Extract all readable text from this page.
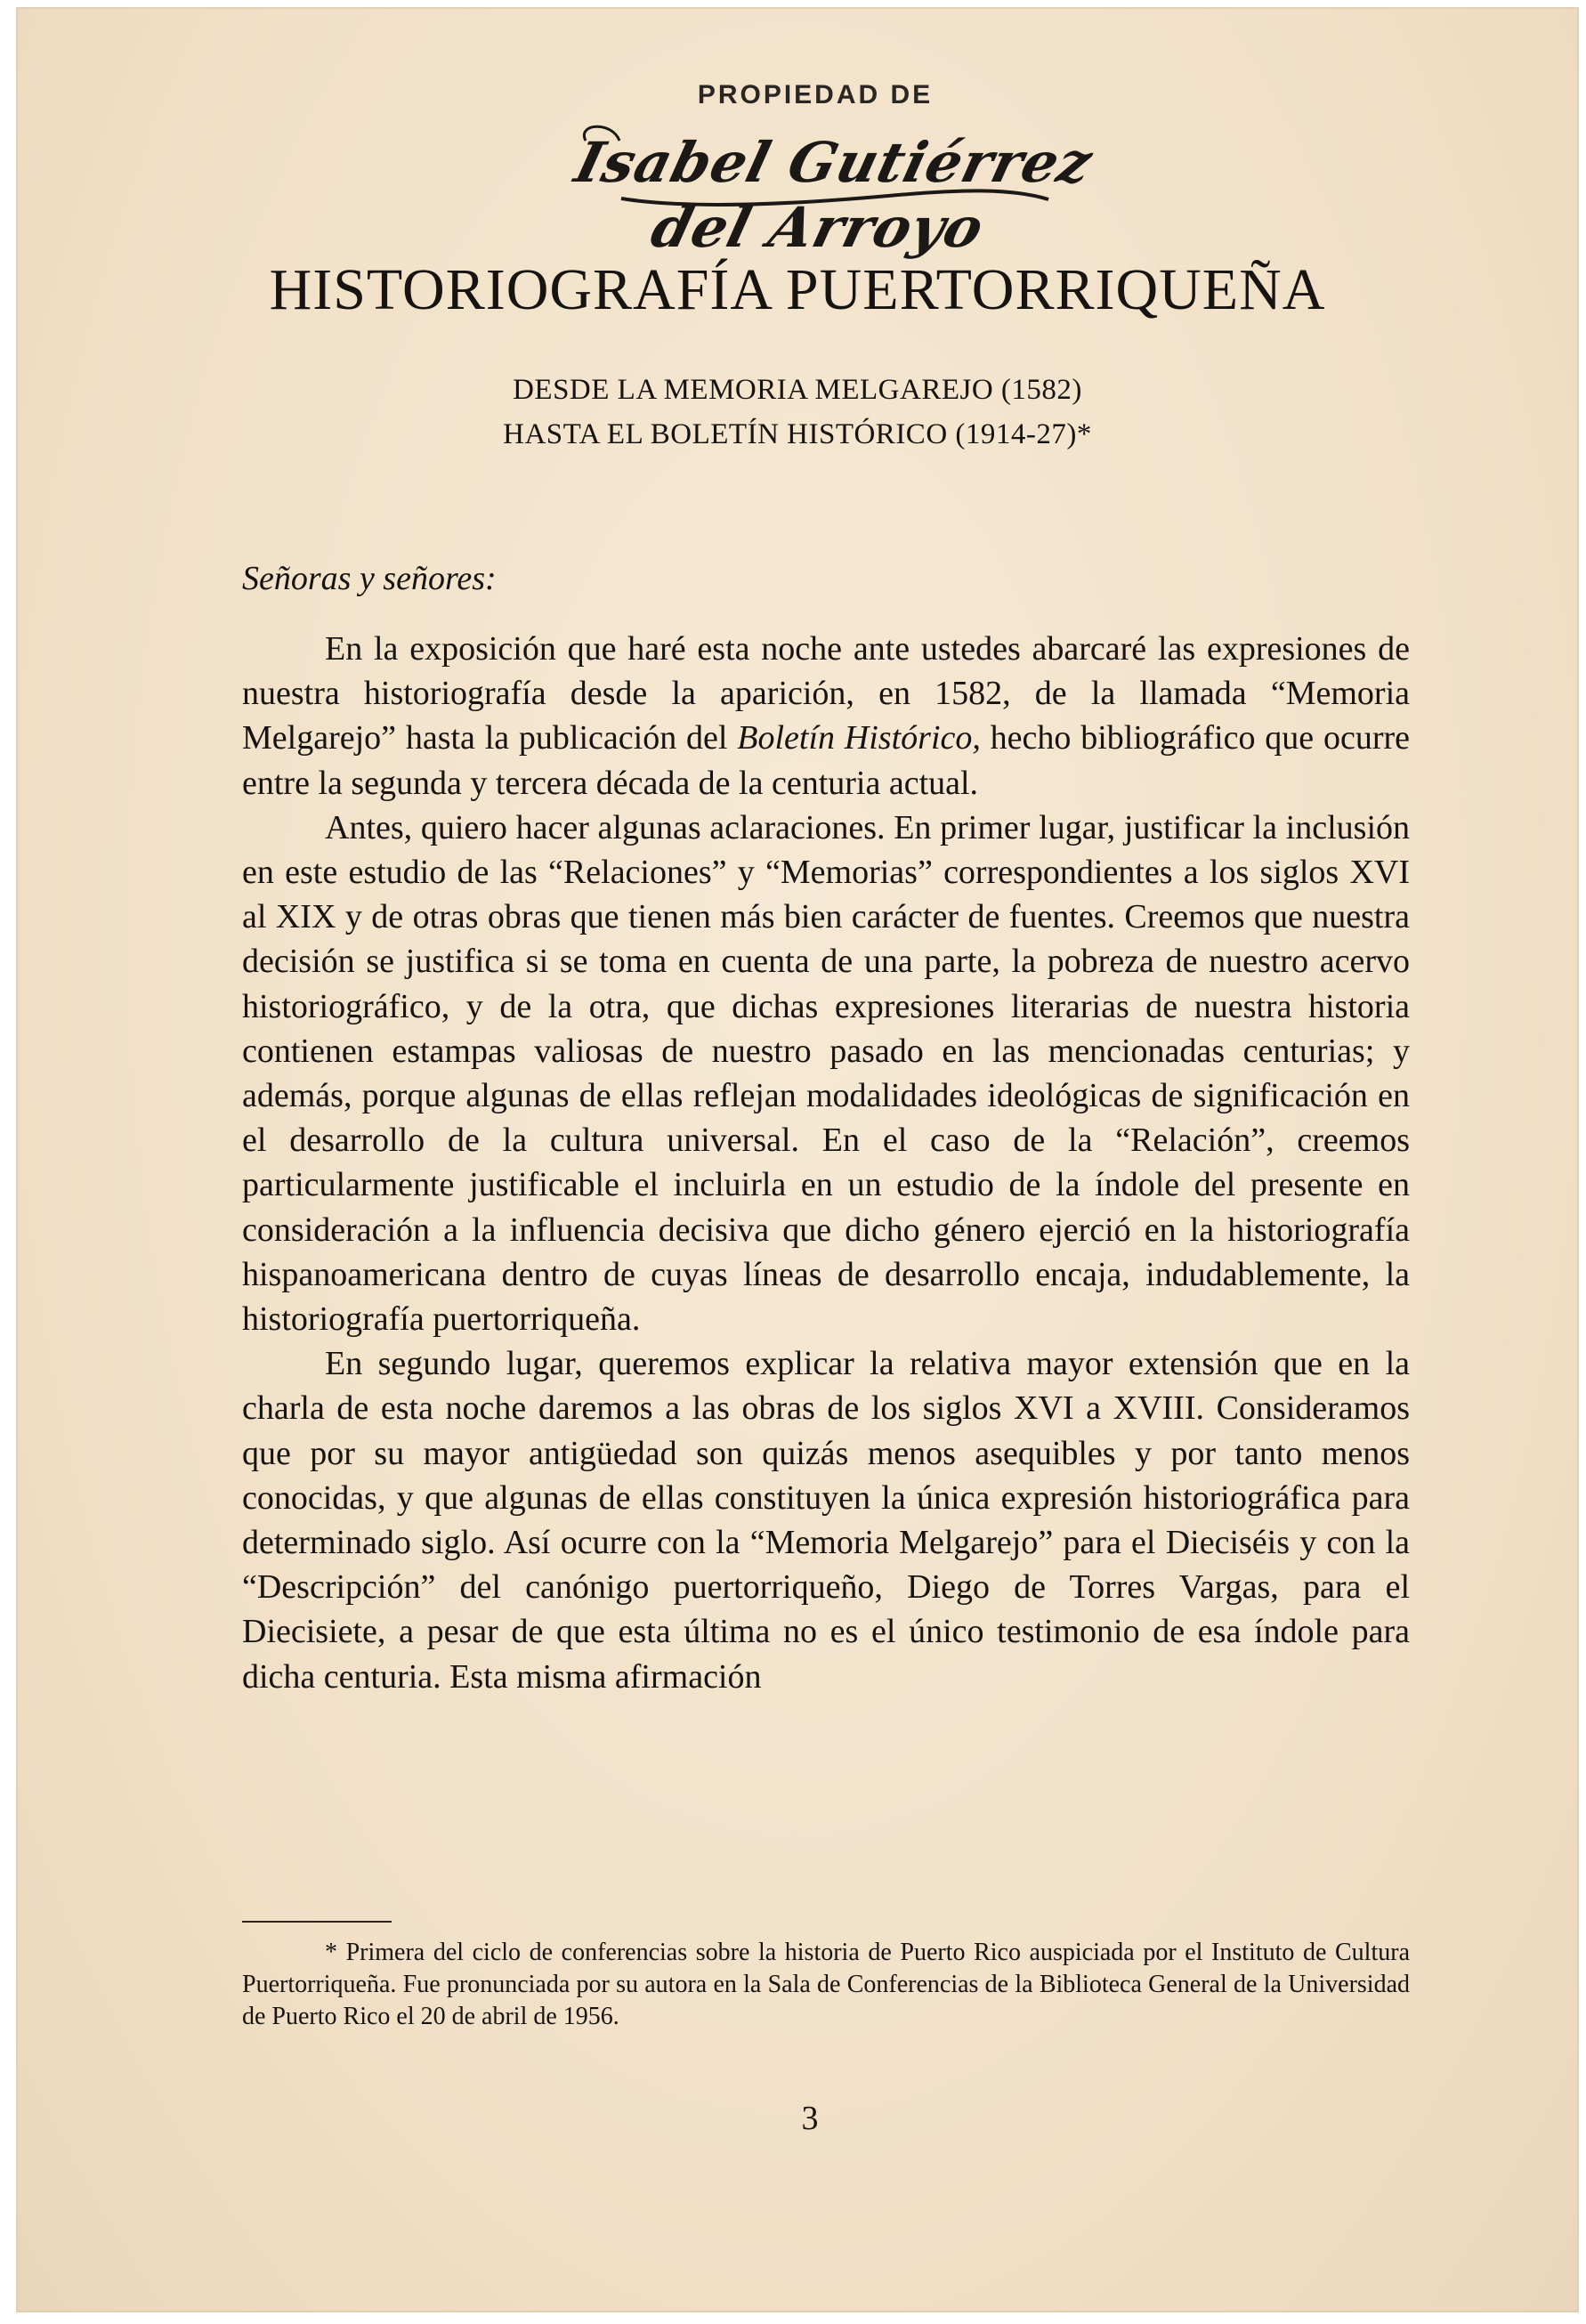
PROPIEDAD DE
Isabel Gutiérrez del Arroyo
HISTORIOGRAFÍA PUERTORRIQUEÑA
DESDE LA MEMORIA MELGAREJO (1582)
HASTA EL BOLETÍN HISTÓRICO (1914-27)*
Señoras y señores:

En la exposición que haré esta noche ante ustedes abarcaré las expresiones de nuestra historiografía desde la aparición, en 1582, de la llamada “Memoria Melgarejo” hasta la publicación del Boletín Histórico, hecho bibliográfico que ocurre entre la segunda y tercera década de la centuria actual.

Antes, quiero hacer algunas aclaraciones. En primer lugar, justificar la inclusión en este estudio de las “Relaciones” y “Memorias” correspondientes a los siglos XVI al XIX y de otras obras que tienen más bien carácter de fuentes. Creemos que nuestra decisión se justifica si se toma en cuenta de una parte, la pobreza de nuestro acervo historiográfico, y de la otra, que dichas expresiones literarias de nuestra historia contienen estampas valiosas de nuestro pasado en las mencionadas centurias; y además, porque algunas de ellas reflejan modalidades ideológicas de significación en el desarrollo de la cultura universal. En el caso de la “Relación”, creemos particularmente justificable el incluirla en un estudio de la índole del presente en consideración a la influencia decisiva que dicho género ejerció en la historiografía hispanoamericana dentro de cuyas líneas de desarrollo encaja, indudablemente, la historiografía puertorriqueña.

En segundo lugar, queremos explicar la relativa mayor extensión que en la charla de esta noche daremos a las obras de los siglos XVI a XVIII. Consideramos que por su mayor antigüedad son quizás menos asequibles y por tanto menos conocidas, y que algunas de ellas constituyen la única expresión historiográfica para determinado siglo. Así ocurre con la “Memoria Melgarejo” para el Dieciséis y con la “Descripción” del canónigo puertorriqueño, Diego de Torres Vargas, para el Diecisiete, a pesar de que esta última no es el único testimonio de esa índole para dicha centuria. Esta misma afirmación

* Primera del ciclo de conferencias sobre la historia de Puerto Rico auspiciada por el Instituto de Cultura Puertorriqueña. Fue pronunciada por su autora en la Sala de Conferencias de la Biblioteca General de la Universidad de Puerto Rico el 20 de abril de 1956.

3
